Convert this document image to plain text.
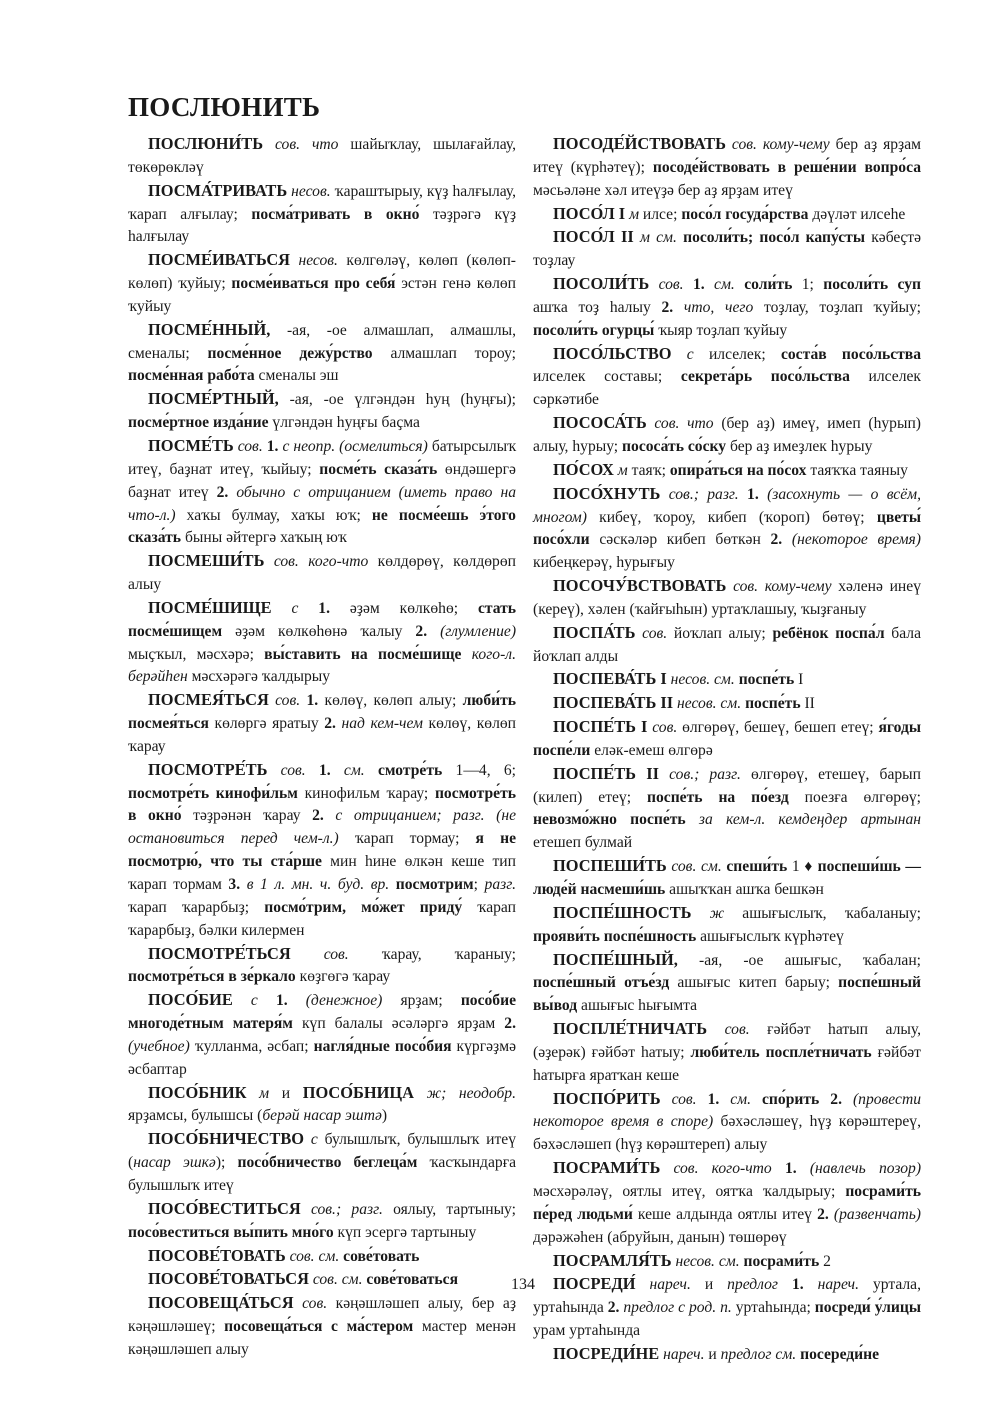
ПОСЛЮНИТЬ

ПОСЛЮНИ́ТЬ сов. что шайыҡлау, шылағайлау, төкөрөкләү

ПОСМА́ТРИВАТЬ несов. ҡараштырыу, күҙ һалғылау, ҡарап алғылау; посма́тривать в окно́ тәҙрәгә күҙ һалғылау

ПОСМЕ́ИВАТЬСЯ несов. көлгөләү, көлөп (көлөп-көлөп) ҡуйыу; посме́иваться про себя́ эстән генә көлөп ҡуйыу

ПОСМЕ́ННЫЙ, -ая, -ое алмашлап, алмашлы, сменалы; посме́нное дежу́рство алмашлап тороу; посме́нная рабо́та сменалы эш

ПОСМЕ́РТНЫЙ, -ая, -ое үлгәндән һуң (һуңғы); посме́ртное изда́ние үлгәндән һуңғы баҫма

ПОСМЕ́ТЬ сов. 1. с неопр. (осмелиться) батырсылыҡ итеү, баҙнат итеү, ҡыйыу; посме́ть сказа́ть өндәшергә баҙнат итеү 2. обычно с отрицанием (иметь право на что-л.) хаҡы булмау, хаҡы юҡ; не посме́ешь э́того сказа́ть быны әйтергә хаҡың юҡ

ПОСМЕШИ́ТЬ сов. кого-что көлдөрөү, көлдөрөп алыу

ПОСМЕ́ШИЩЕ с 1. әҙәм көлкөһө; стать посме́шищем әҙәм көлкөһөнә ҡалыу 2. (глумление) мыҫҡыл, мәсхәрә; вы́ставить на посме́шище кого-л. берәйһен мәсхәрәгә ҡалдырыу

ПОСМЕЯ́ТЬСЯ сов. 1. көлөү, көлөп алыу; люби́ть посмея́ться көлөргә яратыу 2. над кем-чем көлөү, көлөп ҡарау

ПОСМОТРЕ́ТЬ сов. 1. см. смотре́ть 1—4, 6; посмотре́ть кинофи́льм кинофильм ҡарау; посмотре́ть в окно́ тәҙрәнән ҡарау 2. с отрицанием; разг. (не остановиться перед чем-л.) ҡарап тормау; я не посмотрю́, что ты ста́рше мин һине өлкән кеше тип ҡарап тормам 3. в 1 л. мн. ч. буд. вр. посмотрим; разг. ҡарап ҡарарбыҙ; посмо́трим, мо́жет приду́ ҡарап ҡарарбыҙ, бәлки килермен

ПОСМОТРЕ́ТЬСЯ сов. ҡарау, ҡараныу; посмотре́ться в зе́ркало көҙгөгә ҡарау

ПОСО́БИЕ с 1. (денежное) ярҙам; посо́бие многоде́тным матеря́м күп балалы әсәләргә ярҙам 2. (учебное) ҡулланма, әсбап; нагля́дные посо́бия күргәҙмә әсбаптар

ПОСО́БНИК м и ПОСО́БНИЦА ж; неодобр. ярҙамсы, булышсы (берәй насар эштә)

ПОСО́БНИЧЕСТВО с булышлыҡ, булышлыҡ итеү (насар эшкә); посо́бничество беглеца́м ҡасҡындарға булышлыҡ итеү

ПОСО́ВЕСТИТЬСЯ сов.; разг. оялыу, тартыныу; посо́веститься вы́пить мно́го күп эсергә тартыныу

ПОСОВЕ́ТОВАТЬ сов. см. сове́товать

ПОСОВЕ́ТОВАТЬСЯ сов. см. сове́товаться

ПОСОВЕЩА́ТЬСЯ сов. кәңәшләшеп алыу, бер аҙ кәңәшләшеү; посовеща́ться с ма́стером мастер менән кәңәшләшеп алыу

ПОСОДЕ́ЙСТВОВАТЬ сов. кому-чему бер аҙ ярҙам итеү (күрһәтеү); посоде́йствовать в реше́нии вопро́са мәсьәләне хәл итеүҙә бер аҙ ярҙам итеү

ПОСО́Л I м илсе; посо́л госуда́рства дәүләт илсеһе

ПОСО́Л II м см. посоли́ть; посо́л капу́сты кәбеҫтә тоҙлау

ПОСОЛИ́ТЬ сов. 1. см. соли́ть 1; посоли́ть суп ашҡа тоҙ һалыу 2. что, чего тоҙлау, тоҙлап ҡуйыу; посоли́ть огурцы́ ҡыяр тоҙлап ҡуйыу

ПОСО́ЛЬСТВО с илселек; соста́в посо́льства илселек составы; секрета́рь посо́льства илселек сәркәтибе

ПОСОСА́ТЬ сов. что (бер аҙ) имеү, имеп (һурып) алыу, һурыу; пососа́ть со́ску бер аҙ имеҙлек һурыу

ПО́СОХ м таяҡ; опира́ться на по́сох таяҡҡа таяныу

ПОСО́ХНУТЬ сов.; разг. 1. (засохнуть — о всём, многом) кибеү, ҡороу, кибеп (ҡороп) бөтөү; цветы́ посо́хли сәскәләр кибеп бөткән 2. (некоторое время) кибеңкерәү, һурығыу

ПОСОЧУ́ВСТВОВАТЬ сов. кому-чему хәленә инеү (кереү), хәлен (ҡайғыһын) уртаҡлашыу, ҡыҙғаныу

ПОСПА́ТЬ сов. йоҡлап алыу; ребёнок поспа́л бала йоҡлап алды

ПОСПЕВА́ТЬ I несов. см. поспе́ть I

ПОСПЕВА́ТЬ II несов. см. поспе́ть II

ПОСПЕ́ТЬ I сов. өлгөрөү, бешеү, бешеп етеү; я́годы поспе́ли еләк-емеш өлгөрә

ПОСПЕ́ТЬ II сов.; разг. өлгөрөү, етешеү, барып (килеп) етеү; поспе́ть на по́езд поезға өлгөрөү; невозмо́жно поспе́ть за кем-л. кемдеңдер артынан етешеп булмай

ПОСПЕШИ́ТЬ сов. см. спеши́ть 1 ♦ поспеши́шь — люде́й насмеши́шь ашыҡҡан ашҡа бешкән

ПОСПЕ́ШНОСТЬ ж ашығыслыҡ, ҡабаланыу; прояви́ть поспе́шность ашығыслыҡ күрһәтеү

ПОСПЕ́ШНЫЙ, -ая, -ое ашығыс, ҡабалан; поспе́шный отъе́зд ашығыс китеп барыу; поспе́шный вы́вод ашығыс һығымта

ПОСПЛЕ́ТНИЧАТЬ сов. ғәйбәт һатып алыу, (әҙерәк) ғәйбәт һатыу; люби́тель поспле́тничать ғәйбәт һатырға яратҡан кеше

ПОСПО́РИТЬ сов. 1. см. спо́рить 2. (провести некоторое время в споре) бәхәсләшеү, һүҙ көрәштереү, бәхәсләшеп (һүҙ көрәштереп) алыу

ПОСРАМИ́ТЬ сов. кого-что 1. (навлечь позор) мәсхәрәләү, оятлы итеү, оятҡа ҡалдырыу; посрами́ть пе́ред людьми́ кеше алдында оятлы итеү 2. (развенчать) дәрәжәһен (абруйын, данын) төшөрөү

ПОСРАМЛЯ́ТЬ несов. см. посрами́ть 2

ПОСРЕДИ́ нареч. и предлог 1. нареч. уртала, уртаһында 2. предлог с род. п. уртаһында; посреди́ у́лицы урам уртаһында

ПОСРЕДИ́НЕ нареч. и предлог см. посереди́не

134
